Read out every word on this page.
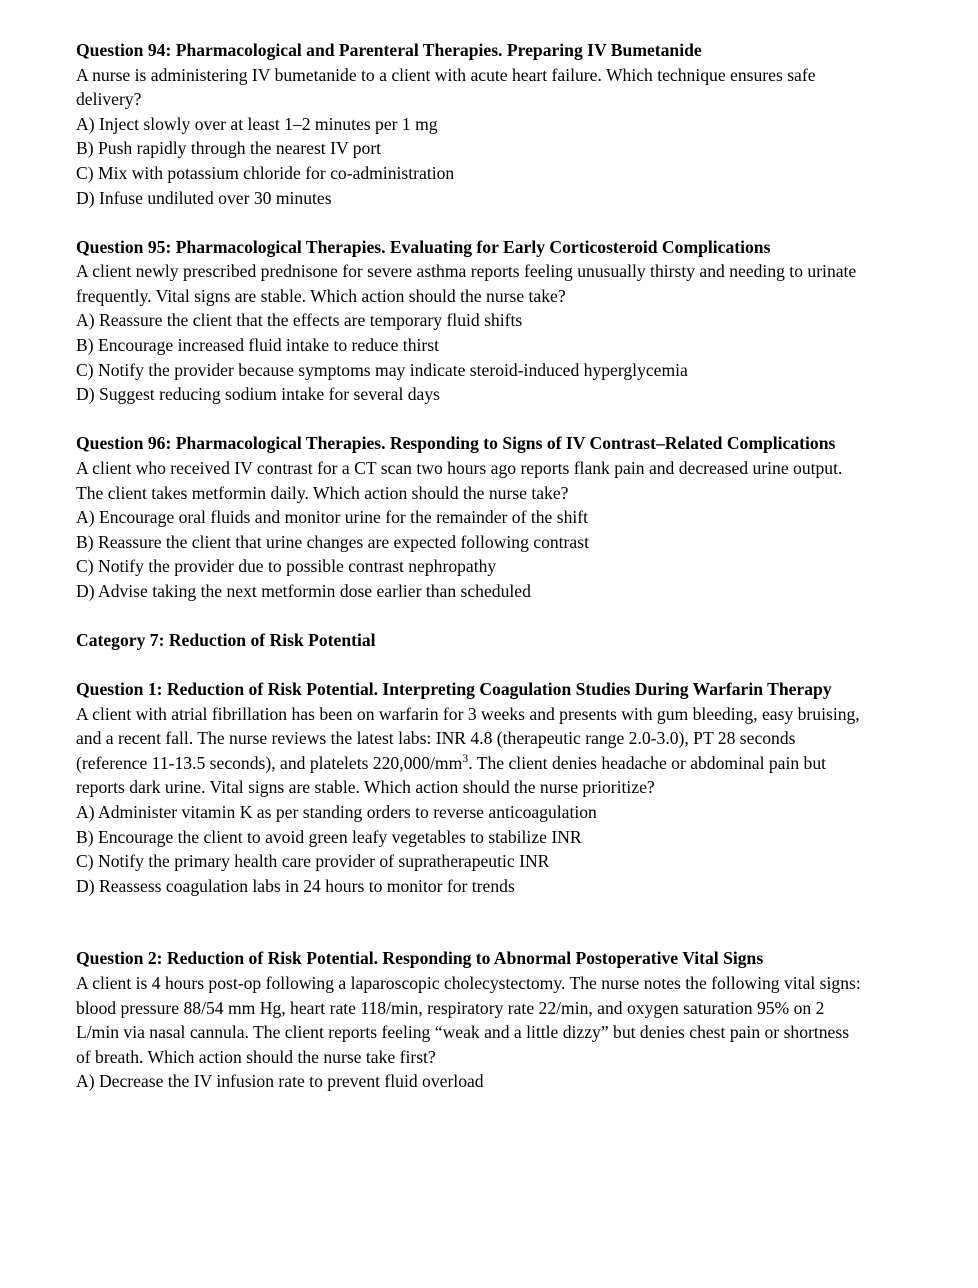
Question 94: Pharmacological and Parenteral Therapies. Preparing IV Bumetanide

A nurse is administering IV bumetanide to a client with acute heart failure. Which technique ensures safe delivery?

A) Inject slowly over at least 1–2 minutes per 1 mg

B) Push rapidly through the nearest IV port

C) Mix with potassium chloride for co-administration

D) Infuse undiluted over 30 minutes

Question 95: Pharmacological Therapies. Evaluating for Early Corticosteroid Complications

A client newly prescribed prednisone for severe asthma reports feeling unusually thirsty and needing to urinate frequently. Vital signs are stable. Which action should the nurse take?

A) Reassure the client that the effects are temporary fluid shifts

B) Encourage increased fluid intake to reduce thirst

C) Notify the provider because symptoms may indicate steroid-induced hyperglycemia

D) Suggest reducing sodium intake for several days

Question 96: Pharmacological Therapies. Responding to Signs of IV Contrast–Related Complications

A client who received IV contrast for a CT scan two hours ago reports flank pain and decreased urine output. The client takes metformin daily. Which action should the nurse take?

A) Encourage oral fluids and monitor urine for the remainder of the shift

B) Reassure the client that urine changes are expected following contrast

C) Notify the provider due to possible contrast nephropathy

D) Advise taking the next metformin dose earlier than scheduled

Category 7: Reduction of Risk Potential

Question 1: Reduction of Risk Potential. Interpreting Coagulation Studies During Warfarin Therapy

A client with atrial fibrillation has been on warfarin for 3 weeks and presents with gum bleeding, easy bruising, and a recent fall. The nurse reviews the latest labs: INR 4.8 (therapeutic range 2.0-3.0), PT 28 seconds (reference 11-13.5 seconds), and platelets $220,000/mm^3$. The client denies headache or abdominal pain but reports dark urine. Vital signs are stable. Which action should the nurse prioritize?

A) Administer vitamin K as per standing orders to reverse anticoagulation

B) Encourage the client to avoid green leafy vegetables to stabilize INR

C) Notify the primary health care provider of supratherapeutic INR

D) Reassess coagulation labs in 24 hours to monitor for trends

Question 2: Reduction of Risk Potential. Responding to Abnormal Postoperative Vital Signs

A client is 4 hours post-op following a laparoscopic cholecystectomy. The nurse notes the following vital signs: blood pressure 88/54 mm Hg, heart rate 118/min, respiratory rate 22/min, and oxygen saturation 95% on 2 L/min via nasal cannula. The client reports feeling “weak and a little dizzy” but denies chest pain or shortness of breath. Which action should the nurse take first?

A) Decrease the IV infusion rate to prevent fluid overload
